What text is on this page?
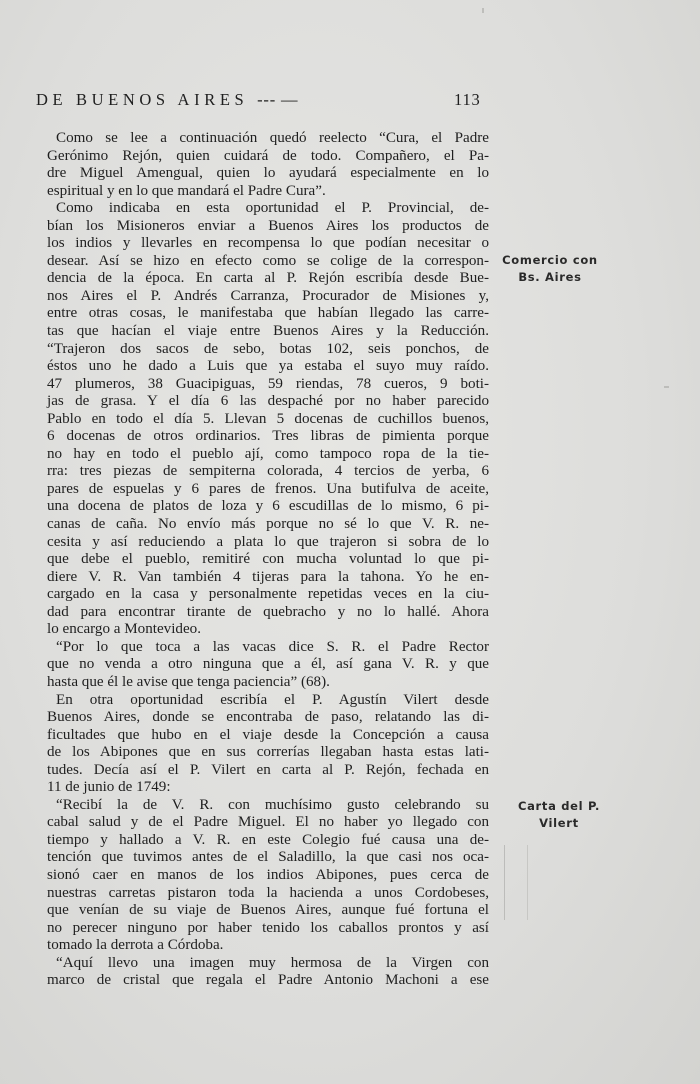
DE BUENOS AIRES --- —	113
Como se lee a continuación quedó reelecto “Cura, el Padre
Gerónimo Rejón, quien cuidará de todo. Compañero, el Pa-
dre Miguel Amengual, quien lo ayudará especialmente en lo
espiritual y en lo que mandará el Padre Cura”.
Como indicaba en esta oportunidad el P. Provincial, de-
bían los Misioneros enviar a Buenos Aires los productos de
los indios y llevarles en recompensa lo que podían necesitar o
desear. Así se hizo en efecto como se colige de la correspon-
dencia de la época. En carta al P. Rejón escribía desde Bue-
nos Aires el P. Andrés Carranza, Procurador de Misiones y,
entre otras cosas, le manifestaba que habían llegado las carre-
tas que hacían el viaje entre Buenos Aires y la Reducción.
“Trajeron dos sacos de sebo, botas 102, seis ponchos, de
éstos uno he dado a Luis que ya estaba el suyo muy raído.
47 plumeros, 38 Guacipiguas, 59 riendas, 78 cueros, 9 boti-
jas de grasa. Y el día 6 las despaché por no haber parecido
Pablo en todo el día 5. Llevan 5 docenas de cuchillos buenos,
6 docenas de otros ordinarios. Tres libras de pimienta porque
no hay en todo el pueblo ají, como tampoco ropa de la tie-
rra: tres piezas de sempiterna colorada, 4 tercios de yerba, 6
pares de espuelas y 6 pares de frenos. Una butifulva de aceite,
una docena de platos de loza y 6 escudillas de lo mismo, 6 pi-
canas de caña. No envío más porque no sé lo que V. R. ne-
cesita y así reduciendo a plata lo que trajeron si sobra de lo
que debe el pueblo, remitiré con mucha voluntad lo que pi-
diere V. R. Van también 4 tijeras para la tahona. Yo he en-
cargado en la casa y personalmente repetidas veces en la ciu-
dad para encontrar tirante de quebracho y no lo hallé. Ahora
lo encargo a Montevideo.
“Por lo que toca a las vacas dice S. R. el Padre Rector
que no venda a otro ninguna que a él, así gana V. R. y que
hasta que él le avise que tenga paciencia” (68).
En otra oportunidad escribía el P. Agustín Vilert desde
Buenos Aires, donde se encontraba de paso, relatando las di-
ficultades que hubo en el viaje desde la Concepción a causa
de los Abipones que en sus correrías llegaban hasta estas lati-
tudes. Decía así el P. Vilert en carta al P. Rejón, fechada en
11 de junio de 1749:
“Recibí la de V. R. con muchísimo gusto celebrando su
cabal salud y de el Padre Miguel. El no haber yo llegado con
tiempo y hallado a V. R. en este Colegio fué causa una de-
tención que tuvimos antes de el Saladillo, la que casi nos oca-
sionó caer en manos de los indios Abipones, pues cerca de
nuestras carretas pistaron toda la hacienda a unos Cordobeses,
que venían de su viaje de Buenos Aires, aunque fué fortuna el
no perecer ninguno por haber tenido los caballos prontos y así
tomado la derrota a Córdoba.
“Aquí llevo una imagen muy hermosa de la Virgen con
marco de cristal que regala el Padre Antonio Machoni a ese
Comercio con
Bs. Aires
Carta del P.
Vilert
